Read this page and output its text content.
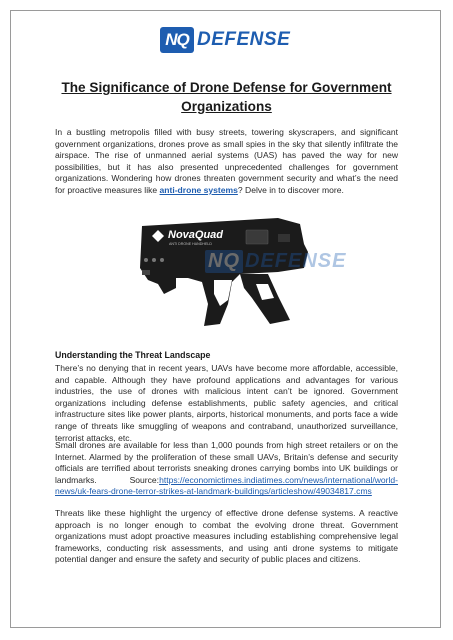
NQ DEFENSE
The Significance of Drone Defense for Government Organizations

In a bustling metropolis filled with busy streets, towering skyscrapers, and significant government organizations, drones prove as small spies in the sky that silently infiltrate the airspace. The rise of unmanned aerial systems (UAS) has paved the way for new possibilities, but it has also presented unprecedented challenges for government organizations. Wondering how drones threaten government security and what’s the need for proactive measures like anti-drone systems? Delve in to discover more.

NovaQuad
ANTI DRONE HANDHELD
NQ DEFENSE
Understanding the Threat Landscape

There’s no denying that in recent years, UAVs have become more affordable, accessible, and capable. Although they have profound applications and advantages for various industries, the use of drones with malicious intent can’t be ignored. Government organizations including defense establishments, public safety agencies, and critical infrastructure sites like power plants, airports, historical monuments, and ports face a wide range of threats like smuggling of weapons and contraband, unauthorized surveillance, terrorist attacks, etc.

Small drones are available for less than 1,000 pounds from high street retailers or on the Internet. Alarmed by the proliferation of these small UAVs, Britain’s defense and security officials are terrified about terrorists sneaking drones carrying bombs into UK buildings or landmarks.	Source:https://economictimes.indiatimes.com/news/international/world-news/uk-fears-drone-terror-strikes-at-landmark-buildings/articleshow/49034817.cms

Threats like these highlight the urgency of effective drone defense systems. A reactive approach is no longer enough to combat the evolving drone threat. Government organizations must adopt proactive measures including establishing comprehensive legal frameworks, conducting risk assessments, and using anti drone systems to mitigate potential danger and ensure the safety and security of public places and citizens.
